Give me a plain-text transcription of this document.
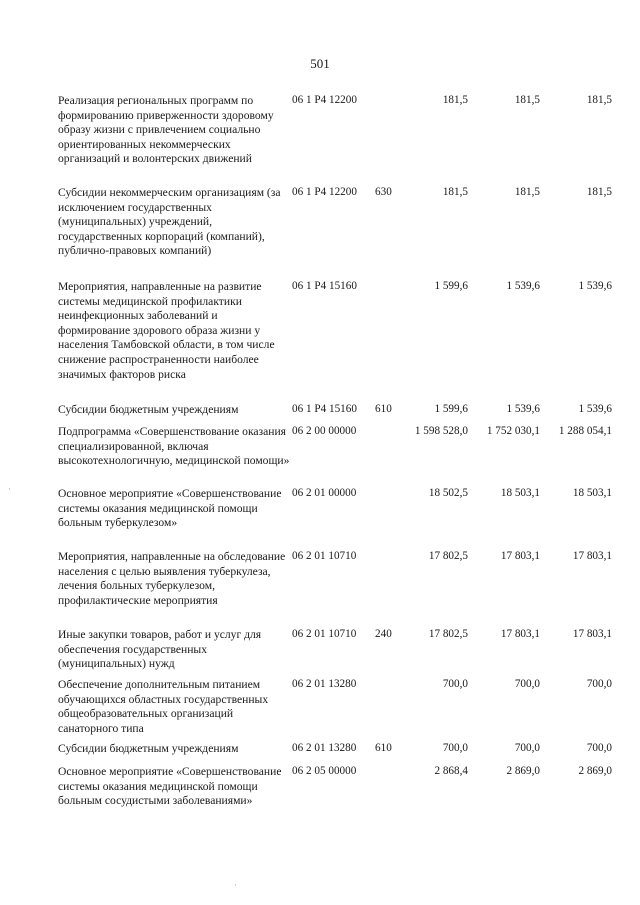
501
Реализация региональных программ по формированию приверженности здоровому образу жизни с привлечением социально ориентированных некоммерческих организаций и волонтерских движений
06 1 P4 12200	181,5	181,5	181,5
Субсидии некоммерческим организациям (за исключением государственных (муниципальных) учреждений, государственных корпораций (компаний), публично-правовых компаний)
06 1 P4 12200 630	181,5	181,5	181,5
Мероприятия, направленные на развитие системы медицинской профилактики неинфекционных заболеваний и формирование здорового образа жизни у населения Тамбовской области, в том числе снижение распространенности наиболее значимых факторов риска
06 1 P4 15160	1 599,6	1 539,6	1 539,6
Субсидии бюджетным учреждениям	06 1 P4 15160 610	1 599,6	1 539,6	1 539,6
Подпрограмма «Совершенствование оказания специализированной, включая высокотехнологичную, медицинской помощи»
06 2 00 00000	1 598 528,0	1 752 030,1	1 288 054,1
Основное мероприятие «Совершенствование системы оказания медицинской помощи больным туберкулезом»
06 2 01 00000	18 502,5	18 503,1	18 503,1
Мероприятия, направленные на обследование населения с целью выявления туберкулеза, лечения больных туберкулезом, профилактические мероприятия
06 2 01 10710	17 802,5	17 803,1	17 803,1
Иные закупки товаров, работ и услуг для обеспечения государственных (муниципальных) нужд
06 2 01 10710 240	17 802,5	17 803,1	17 803,1
Обеспечение дополнительным питанием обучающихся областных государственных общеобразовательных организаций санаторного типа
06 2 01 13280	700,0	700,0	700,0
Субсидии бюджетным учреждениям	06 2 01 13280 610	700,0	700,0	700,0
Основное мероприятие «Совершенствование системы оказания медицинской помощи больным сосудистыми заболеваниями»
06 2 05 00000	2 868,4	2 869,0	2 869,0
·
·
